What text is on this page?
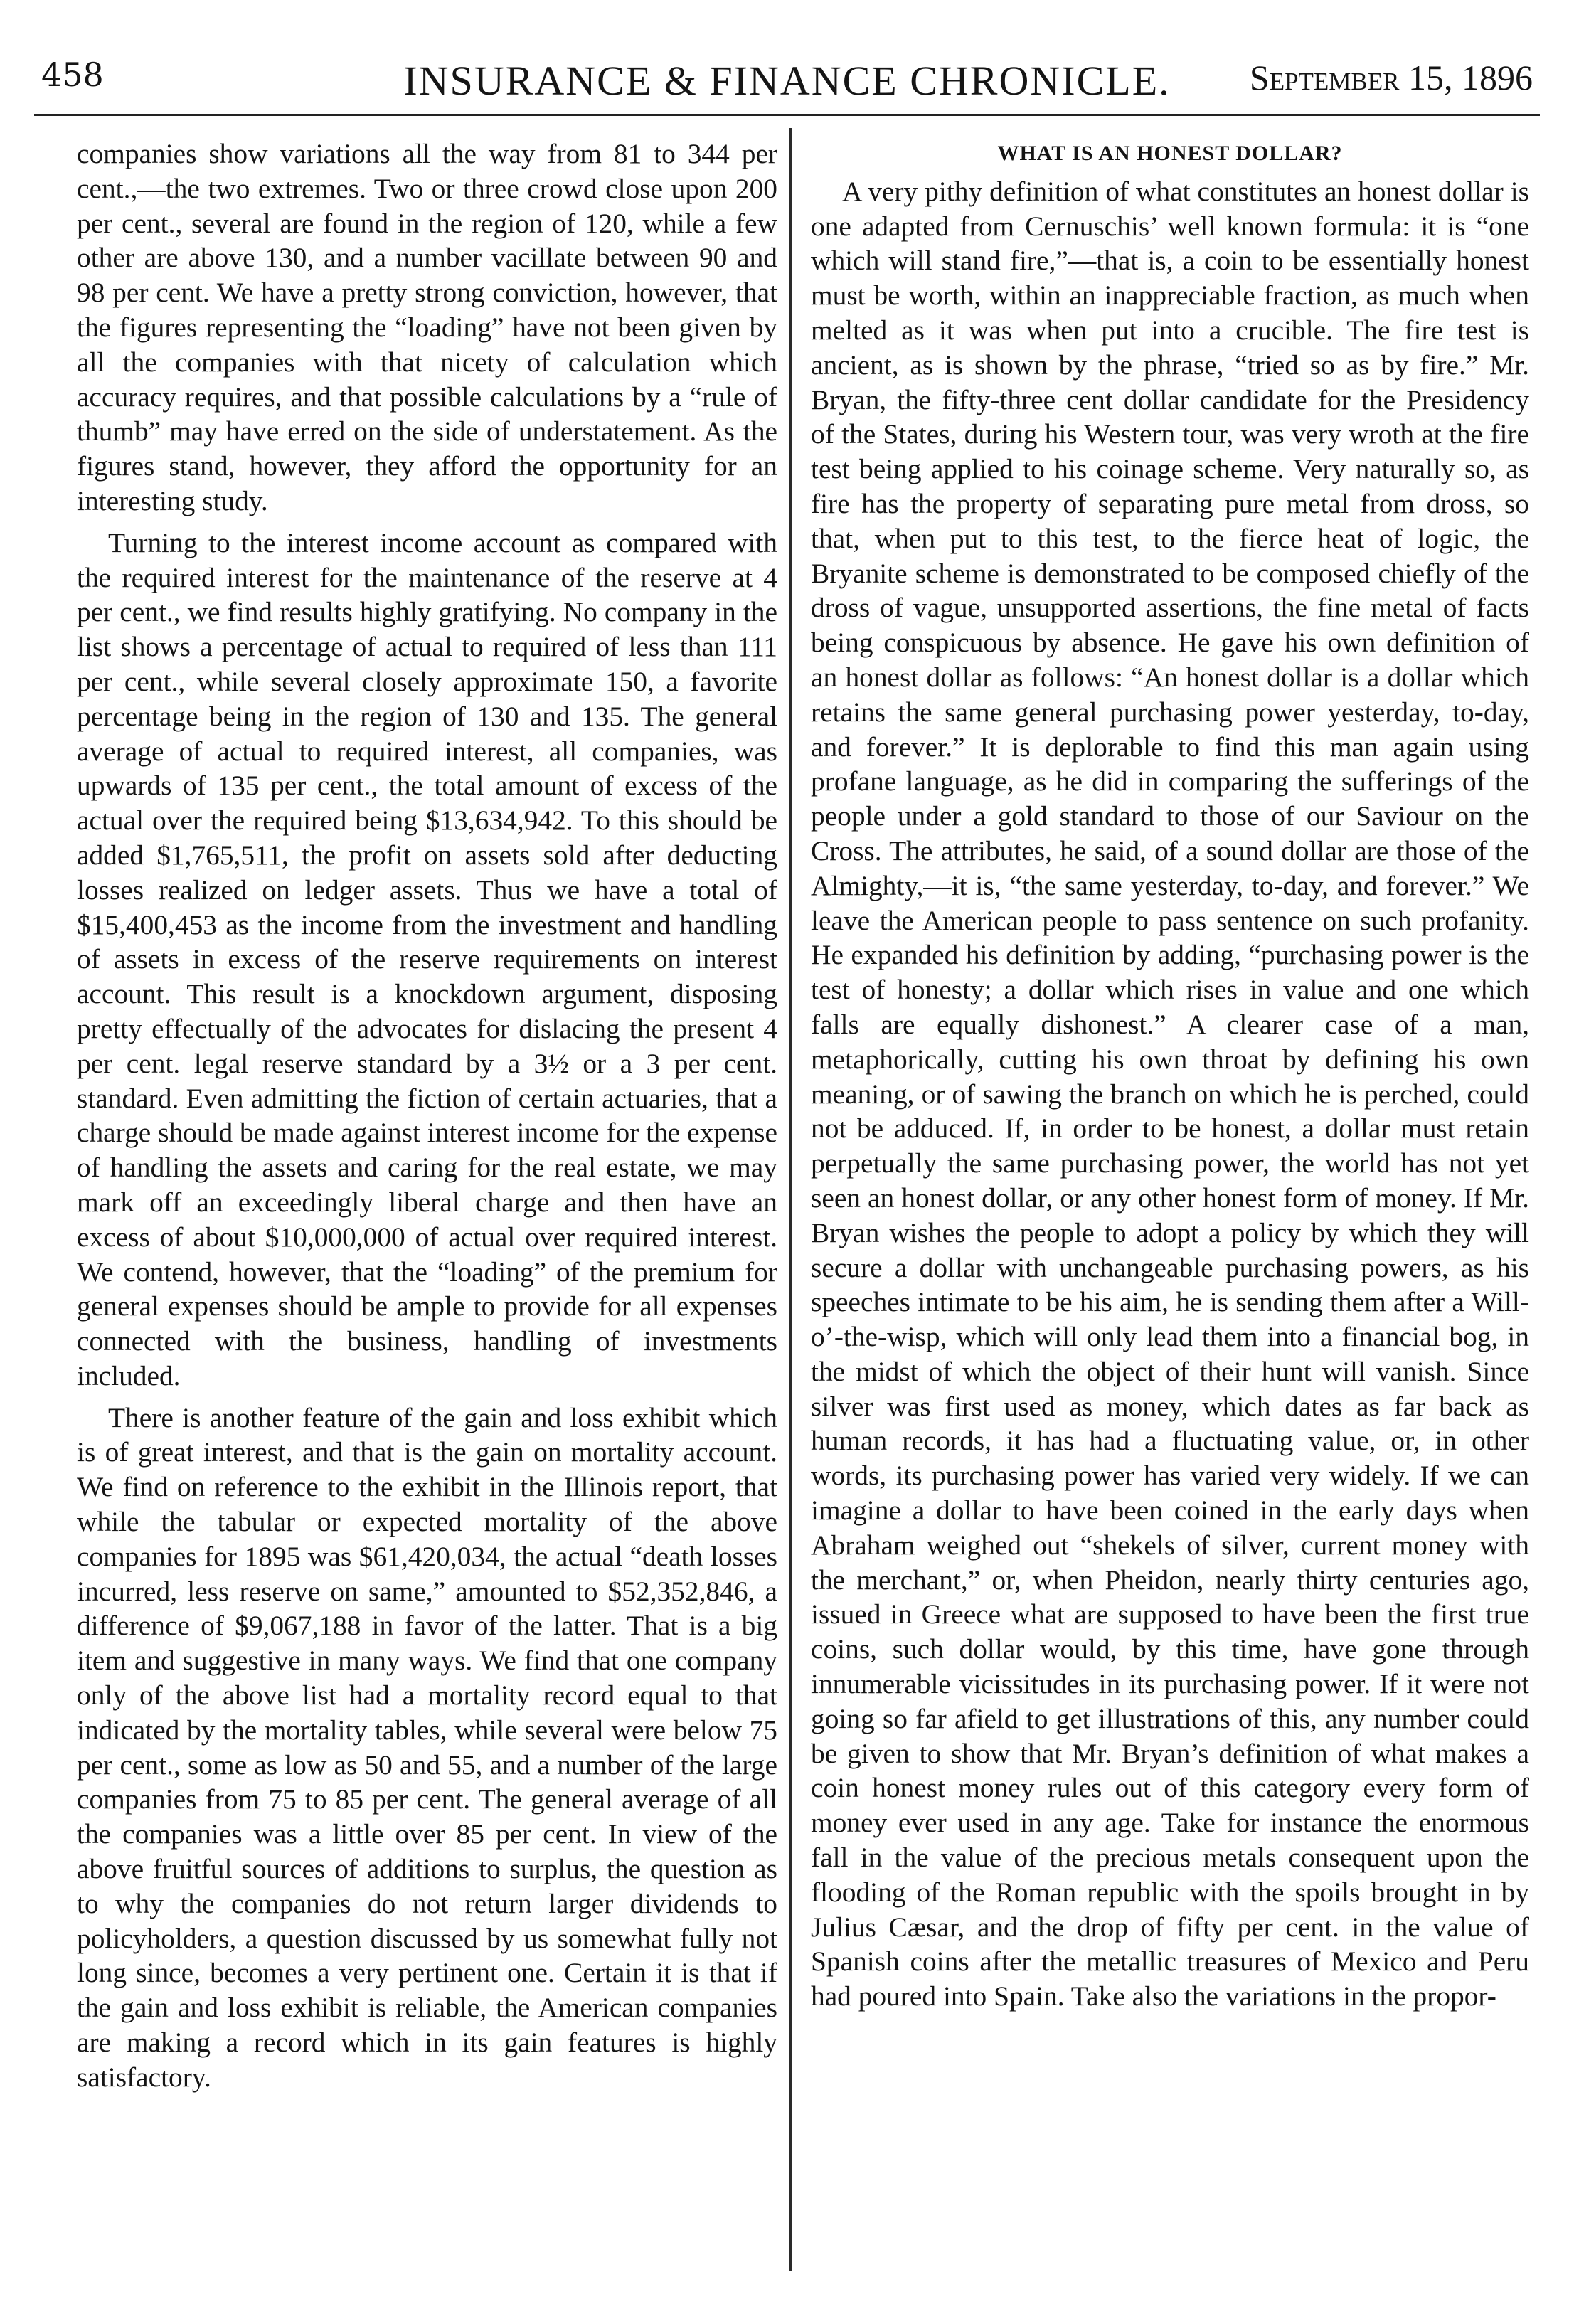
458	INSURANCE & FINANCE CHRONICLE.	September 15, 1896

companies show variations all the way from 81 to 344 per cent.,—the two extremes. Two or three crowd close upon 200 per cent., several are found in the region of 120, while a few other are above 130, and a number vacillate between 90 and 98 per cent. We have a pretty strong conviction, however, that the figures representing the “loading” have not been given by all the companies with that nicety of calculation which accuracy requires, and that possible calculations by a “rule of thumb” may have erred on the side of understatement. As the figures stand, however, they afford the opportunity for an interesting study.

Turning to the interest income account as compared with the required interest for the maintenance of the reserve at 4 per cent., we find results highly gratifying. No company in the list shows a percentage of actual to required of less than 111 per cent., while several closely approximate 150, a favorite percentage being in the region of 130 and 135. The general average of actual to required interest, all companies, was upwards of 135 per cent., the total amount of excess of the actual over the required being $13,634,942. To this should be added $1,765,511, the profit on assets sold after deducting losses realized on ledger assets. Thus we have a total of $15,400,453 as the income from the investment and handling of assets in excess of the reserve requirements on interest account. This result is a knockdown argument, disposing pretty effectually of the advocates for dislacing the present 4 per cent. legal reserve standard by a 3½ or a 3 per cent. standard. Even admitting the fiction of certain actuaries, that a charge should be made against interest income for the expense of handling the assets and caring for the real estate, we may mark off an exceedingly liberal charge and then have an excess of about $10,000,000 of actual over required interest. We contend, however, that the “loading” of the premium for general expenses should be ample to provide for all expenses connected with the business, handling of investments included.

There is another feature of the gain and loss exhibit which is of great interest, and that is the gain on mortality account. We find on reference to the exhibit in the Illinois report, that while the tabular or expected mortality of the above companies for 1895 was $61,420,034, the actual “death losses incurred, less reserve on same,” amounted to $52,352,846, a difference of $9,067,188 in favor of the latter. That is a big item and suggestive in many ways. We find that one company only of the above list had a mortality record equal to that indicated by the mortality tables, while several were below 75 per cent., some as low as 50 and 55, and a number of the large companies from 75 to 85 per cent. The general average of all the companies was a little over 85 per cent. In view of the above fruitful sources of additions to surplus, the question as to why the companies do not return larger dividends to policyholders, a question discussed by us somewhat fully not long since, becomes a very pertinent one. Certain it is that if the gain and loss exhibit is reliable, the American companies are making a record which in its gain features is highly satisfactory.

WHAT IS AN HONEST DOLLAR?

A very pithy definition of what constitutes an honest dollar is one adapted from Cernuschis’ well known formula: it is “one which will stand fire,”—that is, a coin to be essentially honest must be worth, within an inappreciable fraction, as much when melted as it was when put into a crucible. The fire test is ancient, as is shown by the phrase, “tried so as by fire.” Mr. Bryan, the fifty-three cent dollar candidate for the Presidency of the States, during his Western tour, was very wroth at the fire test being applied to his coinage scheme. Very naturally so, as fire has the property of separating pure metal from dross, so that, when put to this test, to the fierce heat of logic, the Bryanite scheme is demonstrated to be composed chiefly of the dross of vague, unsupported assertions, the fine metal of facts being conspicuous by absence. He gave his own definition of an honest dollar as follows: “An honest dollar is a dollar which retains the same general purchasing power yesterday, to-day, and forever.” It is deplorable to find this man again using profane language, as he did in comparing the sufferings of the people under a gold standard to those of our Saviour on the Cross. The attributes, he said, of a sound dollar are those of the Almighty,—it is, “the same yesterday, to-day, and forever.” We leave the American people to pass sentence on such profanity. He expanded his definition by adding, “purchasing power is the test of honesty; a dollar which rises in value and one which falls are equally dishonest.” A clearer case of a man, metaphorically, cutting his own throat by defining his own meaning, or of sawing the branch on which he is perched, could not be adduced. If, in order to be honest, a dollar must retain perpetually the same purchasing power, the world has not yet seen an honest dollar, or any other honest form of money. If Mr. Bryan wishes the people to adopt a policy by which they will secure a dollar with unchangeable purchasing powers, as his speeches intimate to be his aim, he is sending them after a Will-o’-the-wisp, which will only lead them into a financial bog, in the midst of which the object of their hunt will vanish. Since silver was first used as money, which dates as far back as human records, it has had a fluctuating value, or, in other words, its purchasing power has varied very widely. If we can imagine a dollar to have been coined in the early days when Abraham weighed out “shekels of silver, current money with the merchant,” or, when Pheidon, nearly thirty centuries ago, issued in Greece what are supposed to have been the first true coins, such dollar would, by this time, have gone through innumerable vicissitudes in its purchasing power. If it were not going so far afield to get illustrations of this, any number could be given to show that Mr. Bryan’s definition of what makes a coin honest money rules out of this category every form of money ever used in any age. Take for instance the enormous fall in the value of the precious metals consequent upon the flooding of the Roman republic with the spoils brought in by Julius Cæsar, and the drop of fifty per cent. in the value of Spanish coins after the metallic treasures of Mexico and Peru had poured into Spain. Take also the variations in the propor-
